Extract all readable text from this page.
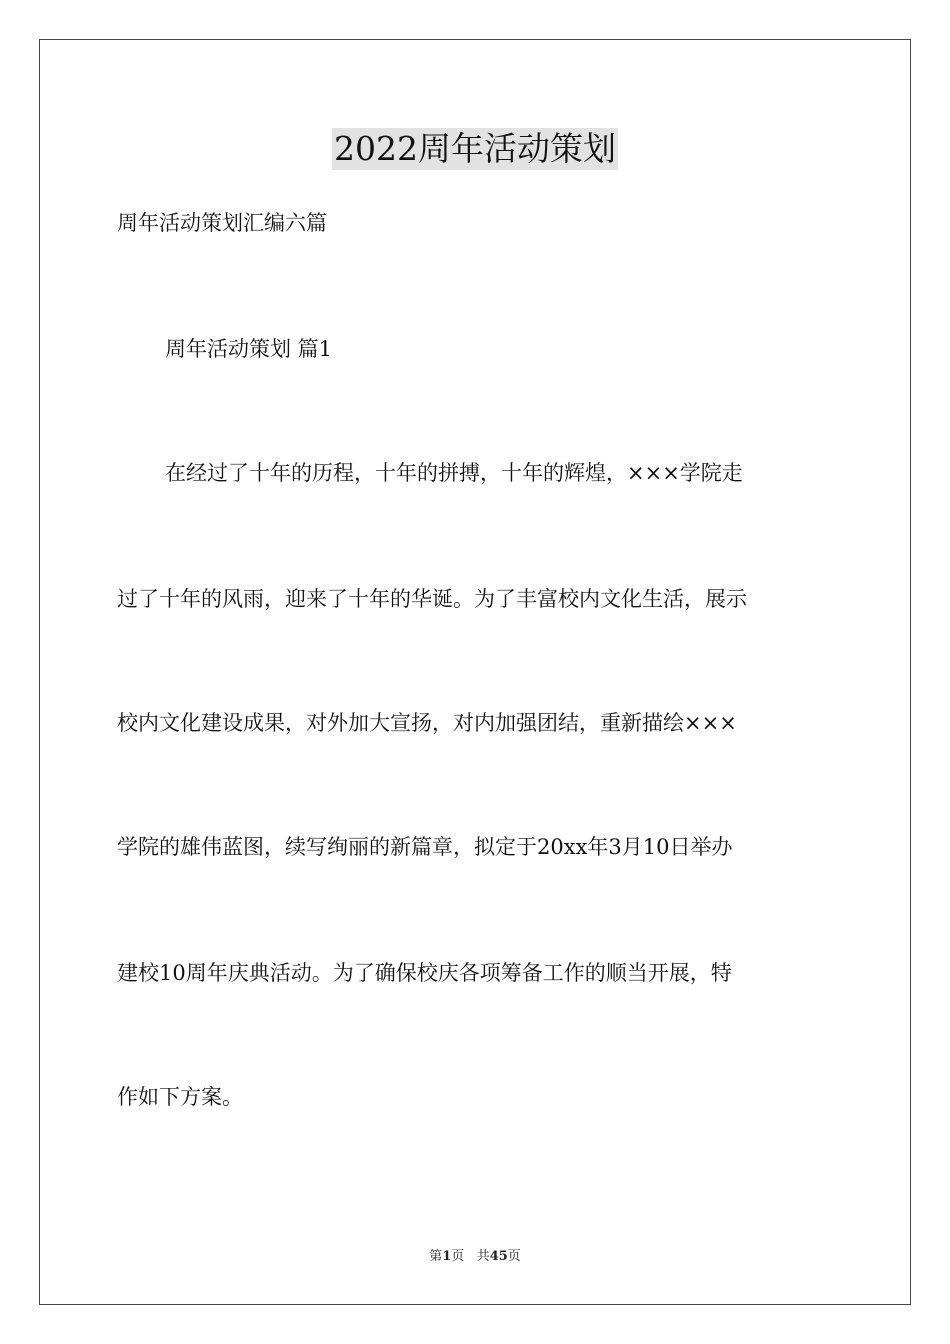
2022周年活动策划
周年活动策划汇编六篇
周年活动策划 篇1
在经过了十年的历程，十年的拼搏，十年的辉煌，×××学院走
过了十年的风雨，迎来了十年的华诞。为了丰富校内文化生活，展示
校内文化建设成果，对外加大宣扬，对内加强团结，重新描绘×××
学院的雄伟蓝图，续写绚丽的新篇章，拟定于20xx年3月10日举办
建校10周年庆典活动。为了确保校庆各项筹备工作的顺当开展，特
作如下方案。
第1页 共45页
